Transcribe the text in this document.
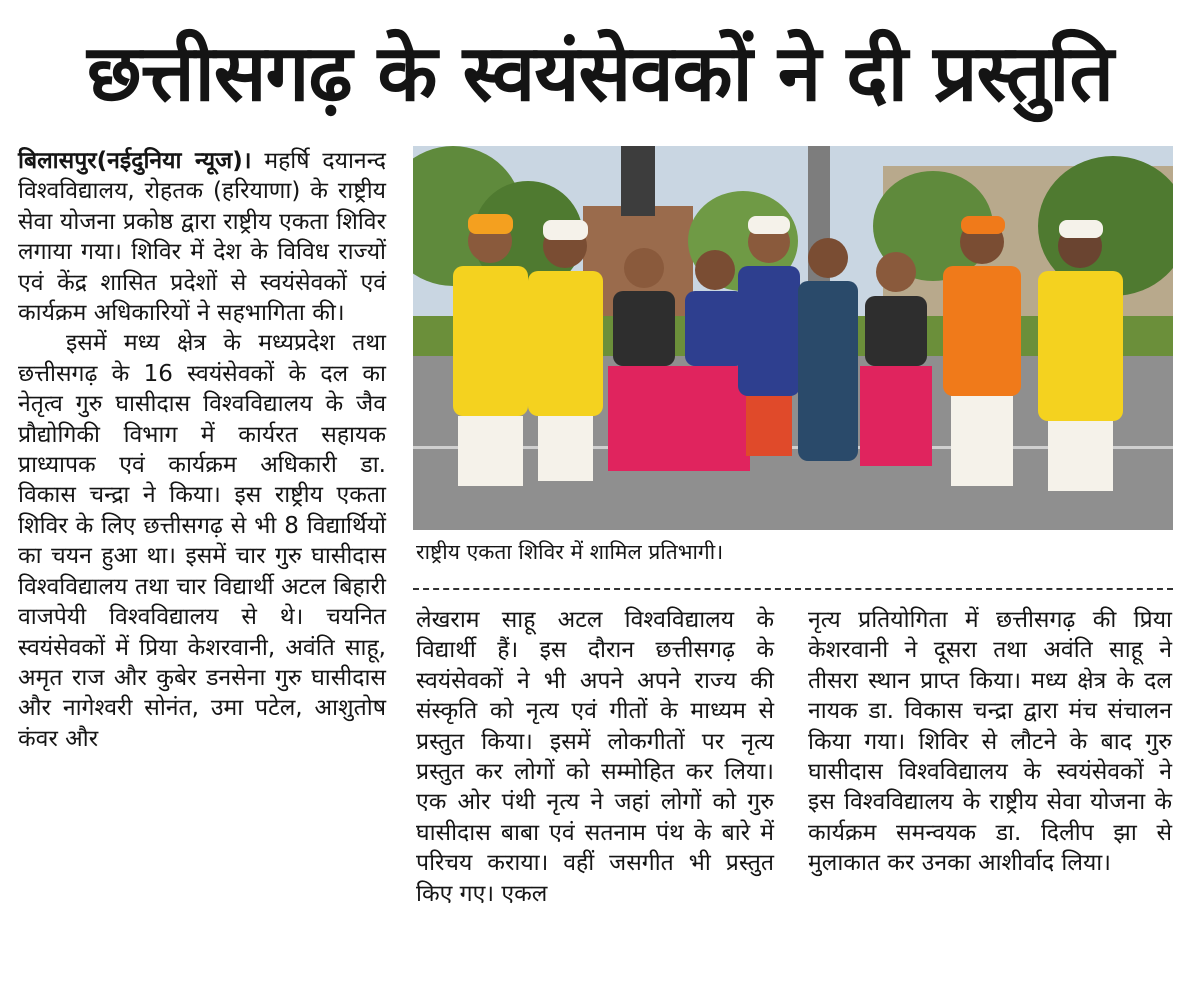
छत्तीसगढ़ के स्वयंसेवकों ने दी प्रस्तुति

बिलासपुर(नईदुनिया न्यूज)। महर्षि दयानन्द विश्वविद्यालय, रोहतक (हरियाणा) के राष्ट्रीय सेवा योजना प्रकोष्ठ द्वारा राष्ट्रीय एकता शिविर लगाया गया। शिविर में देश के विविध राज्यों एवं केंद्र शासित प्रदेशों से स्वयंसेवकों एवं कार्यक्रम अधिकारियों ने सहभागिता की।

इसमें मध्य क्षेत्र के मध्यप्रदेश तथा छत्तीसगढ़ के 16 स्वयंसेवकों के दल का नेतृत्व गुरु घासीदास विश्वविद्यालय के जैव प्रौद्योगिकी विभाग में कार्यरत सहायक प्राध्यापक एवं कार्यक्रम अधिकारी डा. विकास चन्द्रा ने किया। इस राष्ट्रीय एकता शिविर के लिए छत्तीसगढ़ से भी 8 विद्यार्थियों का चयन हुआ था। इसमें चार गुरु घासीदास विश्वविद्यालय तथा चार विद्यार्थी अटल बिहारी वाजपेयी विश्वविद्यालय से थे। चयनित स्वयंसेवकों में प्रिया केशरवानी, अवंति साहू, अमृत राज और कुबेर डनसेना गुरु घासीदास और नागेश्वरी सोनंत, उमा पटेल, आशुतोष कंवर और

राष्ट्रीय एकता शिविर में शामिल प्रतिभागी।

लेखराम साहू अटल विश्वविद्यालय के विद्यार्थी हैं। इस दौरान छत्तीसगढ़ के स्वयंसेवकों ने भी अपने अपने राज्य की संस्कृति को नृत्य एवं गीतों के माध्यम से प्रस्तुत किया। इसमें लोकगीतों पर नृत्य प्रस्तुत कर लोगों को सम्मोहित कर लिया। एक ओर पंथी नृत्य ने जहां लोगों को गुरु घासीदास बाबा एवं सतनाम पंथ के बारे में परिचय कराया। वहीं जसगीत भी प्रस्तुत किए गए। एकल

नृत्य प्रतियोगिता में छत्तीसगढ़ की प्रिया केशरवानी ने दूसरा तथा अवंति साहू ने तीसरा स्थान प्राप्त किया। मध्य क्षेत्र के दल नायक डा. विकास चन्द्रा द्वारा मंच संचालन किया गया। शिविर से लौटने के बाद गुरु घासीदास विश्वविद्यालय के स्वयंसेवकों ने इस विश्वविद्यालय के राष्ट्रीय सेवा योजना के कार्यक्रम समन्वयक डा. दिलीप झा से मुलाकात कर उनका आशीर्वाद लिया।
